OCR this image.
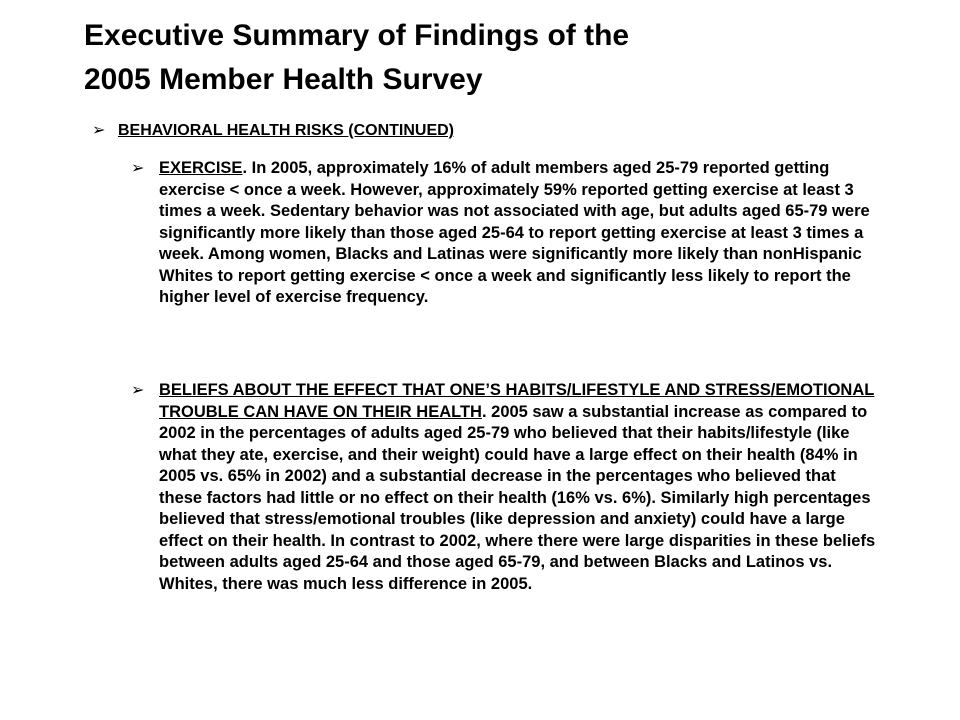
Executive Summary of Findings of the
2005 Member Health Survey
➢ BEHAVIORAL HEALTH RISKS (CONTINUED)
➢ EXERCISE. In 2005, approximately 16% of adult members aged 25-79 reported getting exercise < once a week. However, approximately 59% reported getting exercise at least 3 times a week. Sedentary behavior was not associated with age, but adults aged 65-79 were significantly more likely than those aged 25-64 to report getting exercise at least 3 times a week. Among women, Blacks and Latinas were significantly more likely than nonHispanic Whites to report getting exercise < once a week and significantly less likely to report the higher level of exercise frequency.
➢ BELIEFS ABOUT THE EFFECT THAT ONE’S HABITS/LIFESTYLE AND STRESS/EMOTIONAL TROUBLE CAN HAVE ON THEIR HEALTH. 2005 saw a substantial increase as compared to 2002 in the percentages of adults aged 25-79 who believed that their habits/lifestyle (like what they ate, exercise, and their weight) could have a large effect on their health (84% in 2005 vs. 65% in 2002) and a substantial decrease in the percentages who believed that these factors had little or no effect on their health (16% vs. 6%). Similarly high percentages believed that stress/emotional troubles (like depression and anxiety) could have a large effect on their health. In contrast to 2002, where there were large disparities in these beliefs between adults aged 25-64 and those aged 65-79, and between Blacks and Latinos vs. Whites, there was much less difference in 2005.
